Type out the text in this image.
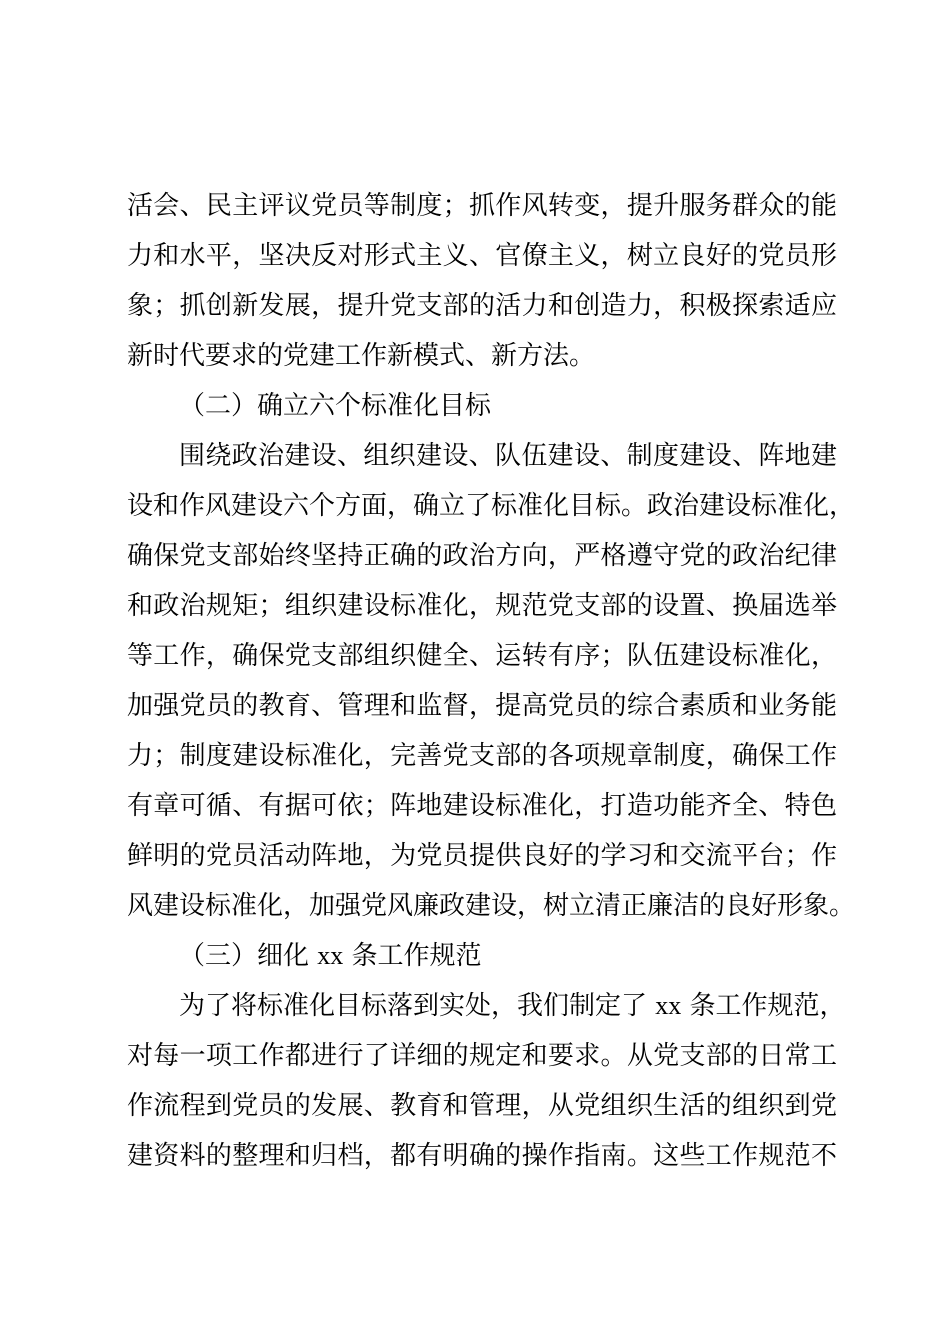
活会、民主评议党员等制度；抓作风转变，提升服务群众的能
力和水平，坚决反对形式主义、官僚主义，树立良好的党员形
象；抓创新发展，提升党支部的活力和创造力，积极探索适应
新时代要求的党建工作新模式、新方法。
（二）确立六个标准化目标
围绕政治建设、组织建设、队伍建设、制度建设、阵地建
设和作风建设六个方面，确立了标准化目标。政治建设标准化，
确保党支部始终坚持正确的政治方向，严格遵守党的政治纪律
和政治规矩；组织建设标准化，规范党支部的设置、换届选举
等工作，确保党支部组织健全、运转有序；队伍建设标准化，
加强党员的教育、管理和监督，提高党员的综合素质和业务能
力；制度建设标准化，完善党支部的各项规章制度，确保工作
有章可循、有据可依；阵地建设标准化，打造功能齐全、特色
鲜明的党员活动阵地，为党员提供良好的学习和交流平台；作
风建设标准化，加强党风廉政建设，树立清正廉洁的良好形象。
（三）细化 xx 条工作规范
为了将标准化目标落到实处，我们制定了 xx 条工作规范，
对每一项工作都进行了详细的规定和要求。从党支部的日常工
作流程到党员的发展、教育和管理，从党组织生活的组织到党
建资料的整理和归档，都有明确的操作指南。这些工作规范不
